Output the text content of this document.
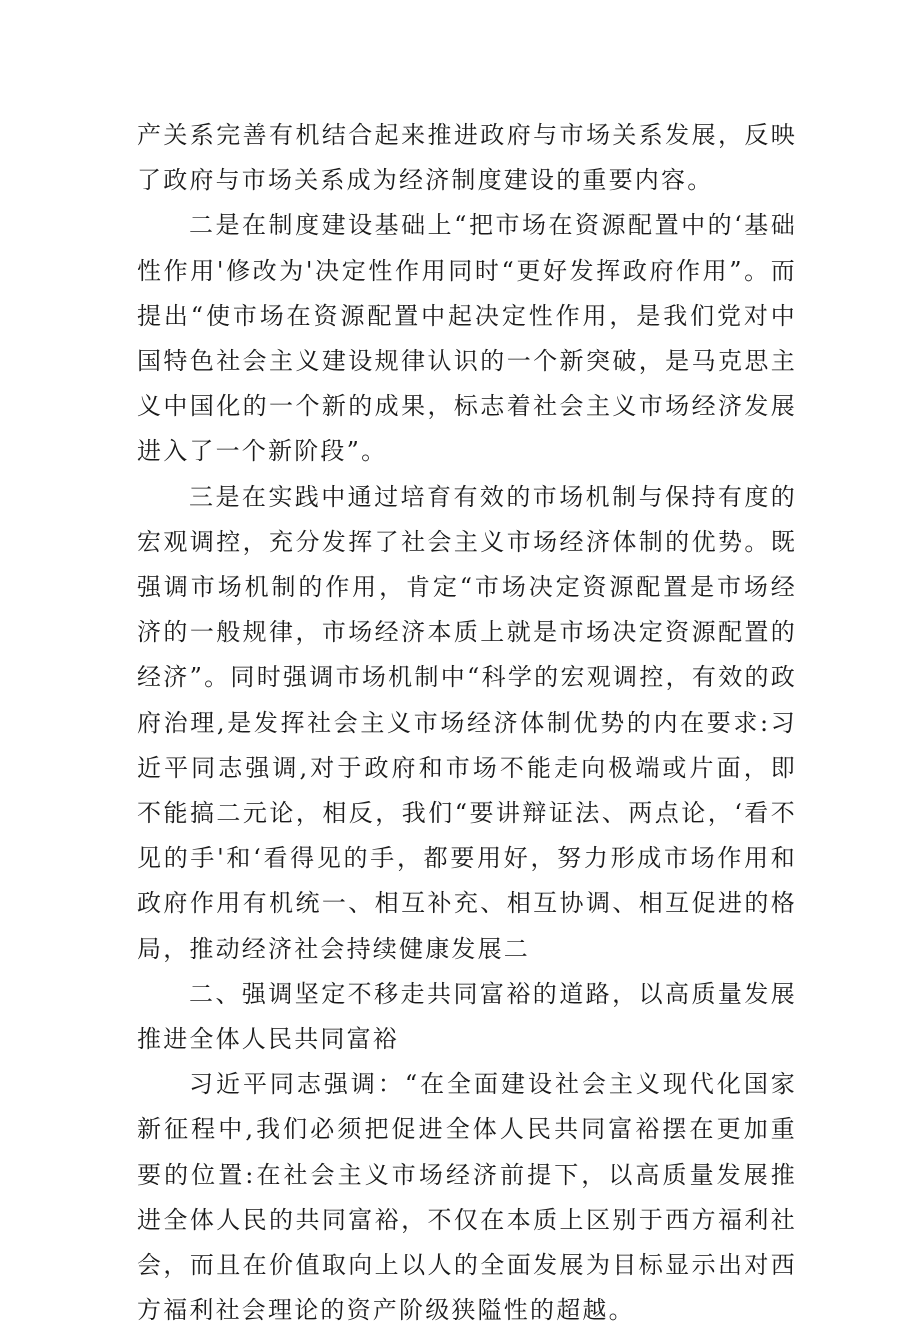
产关系完善有机结合起来推进政府与市场关系发展，反映了政府与市场关系成为经济制度建设的重要内容。

二是在制度建设基础上“把市场在资源配置中的‘基础性作用'修改为'决定性作用同时“更好发挥政府作用”。而提出“使市场在资源配置中起决定性作用，是我们党对中国特色社会主义建设规律认识的一个新突破，是马克思主义中国化的一个新的成果，标志着社会主义市场经济发展进入了一个新阶段”。

三是在实践中通过培育有效的市场机制与保持有度的宏观调控，充分发挥了社会主义市场经济体制的优势。既强调市场机制的作用，肯定“市场决定资源配置是市场经济的一般规律，市场经济本质上就是市场决定资源配置的经济”。同时强调市场机制中“科学的宏观调控，有效的政府治理,是发挥社会主义市场经济体制优势的内在要求:习近平同志强调,对于政府和市场不能走向极端或片面，即不能搞二元论，相反，我们“要讲辩证法、两点论，‘看不见的手'和‘看得见的手，都要用好，努力形成市场作用和政府作用有机统一、相互补充、相互协调、相互促进的格局，推动经济社会持续健康发展二

二、强调坚定不移走共同富裕的道路，以高质量发展推进全体人民共同富裕

习近平同志强调：“在全面建设社会主义现代化国家新征程中,我们必须把促进全体人民共同富裕摆在更加重要的位置:在社会主义市场经济前提下，以高质量发展推进全体人民的共同富裕，不仅在本质上区别于西方福利社会，而且在价值取向上以人的全面发展为目标显示出对西方福利社会理论的资产阶级狭隘性的超越。
